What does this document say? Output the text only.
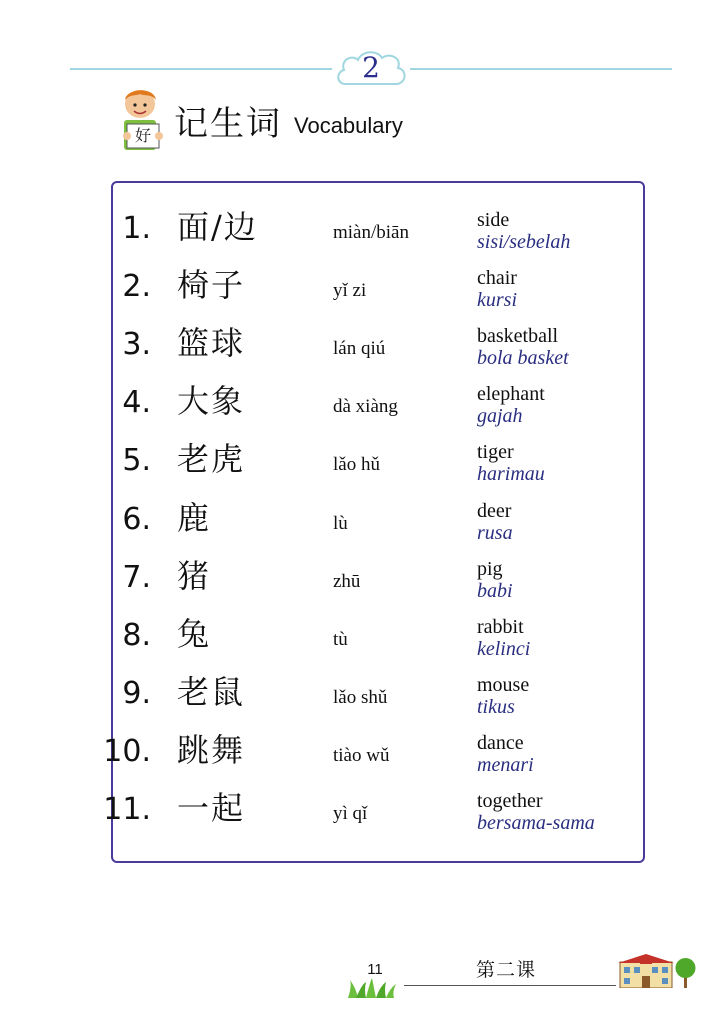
2
好 记生词 Vocabulary
1. 面/边	miàn/biān
side
sisi/sebelah
2. 椅子	yǐ zi
chair
kursi
3. 篮球	lán qiú
basketball
bola basket
4. 大象	dà xiàng
elephant
gajah
5. 老虎	lǎo hǔ
tiger
harimau
6. 鹿	lù
deer
rusa
7. 猪	zhū
pig
babi
8. 兔	tù
rabbit
kelinci
9. 老鼠	lǎo shǔ
mouse
tikus
10. 跳舞	tiào wǔ
dance
menari
11. 一起	yì qǐ
together
bersama-sama
11	第二课
